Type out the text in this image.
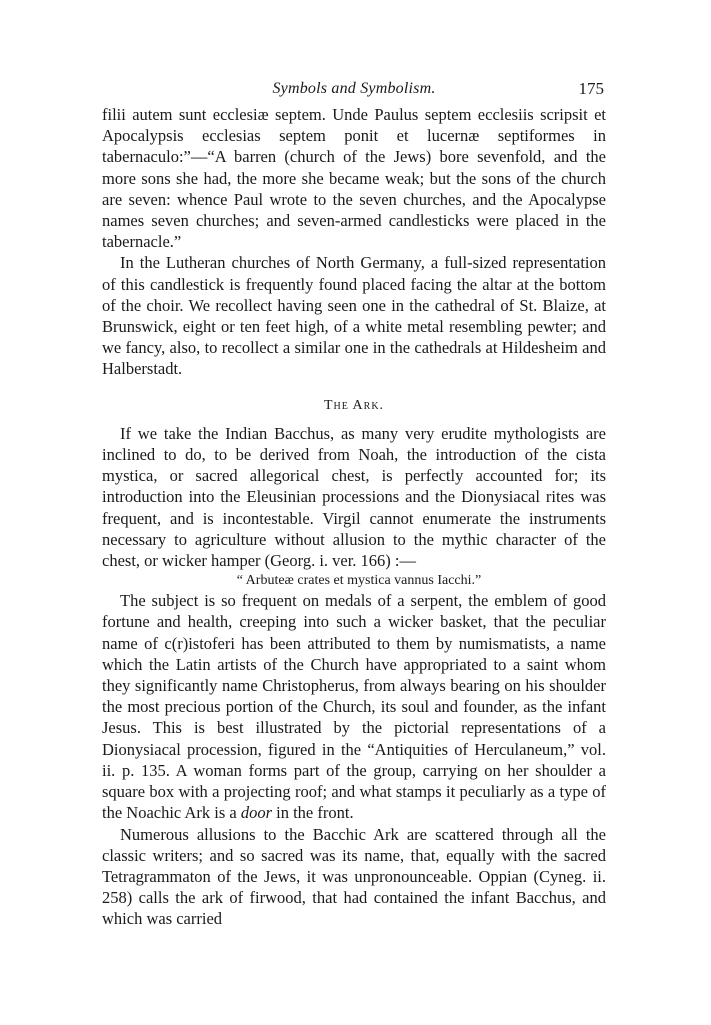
Symbols and Symbolism.	175

filii autem sunt ecclesiæ septem. Unde Paulus septem ecclesiis scripsit et Apocalypsis ecclesias septem ponit et lucernæ septiformes in tabernaculo:”—“A barren (church of the Jews) bore sevenfold, and the more sons she had, the more she became weak; but the sons of the church are seven: whence Paul wrote to the seven churches, and the Apocalypse names seven churches; and seven-armed candlesticks were placed in the tabernacle.”

In the Lutheran churches of North Germany, a full-sized representation of this candlestick is frequently found placed facing the altar at the bottom of the choir. We recollect having seen one in the cathedral of St. Blaize, at Brunswick, eight or ten feet high, of a white metal resembling pewter; and we fancy, also, to recollect a similar one in the cathedrals at Hildesheim and Halberstadt.

The Ark.

If we take the Indian Bacchus, as many very erudite mythologists are inclined to do, to be derived from Noah, the introduction of the cista mystica, or sacred allegorical chest, is perfectly accounted for; its introduction into the Eleusinian processions and the Dionysiacal rites was frequent, and is incontestable. Virgil cannot enumerate the instruments necessary to agriculture without allusion to the mythic character of the chest, or wicker hamper (Georg. i. ver. 166) :—

“ Arbuteæ crates et mystica vannus Iacchi.”

The subject is so frequent on medals of a serpent, the emblem of good fortune and health, creeping into such a wicker basket, that the peculiar name of c(r)istoferi has been attributed to them by numismatists, a name which the Latin artists of the Church have appropriated to a saint whom they significantly name Christopherus, from always bearing on his shoulder the most precious portion of the Church, its soul and founder, as the infant Jesus. This is best illustrated by the pictorial representations of a Dionysiacal procession, figured in the “Antiquities of Herculaneum,” vol. ii. p. 135. A woman forms part of the group, carrying on her shoulder a square box with a projecting roof; and what stamps it peculiarly as a type of the Noachic Ark is a door in the front.

Numerous allusions to the Bacchic Ark are scattered through all the classic writers; and so sacred was its name, that, equally with the sacred Tetragrammaton of the Jews, it was unpronounceable. Oppian (Cyneg. ii. 258) calls the ark of firwood, that had contained the infant Bacchus, and which was carried
